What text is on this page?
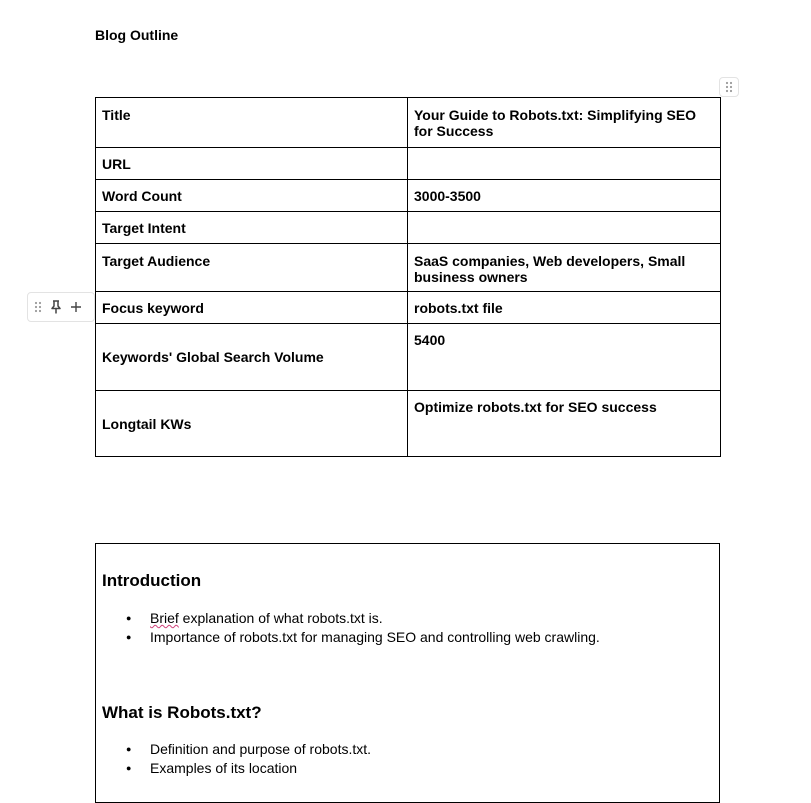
Blog Outline
Title	Your Guide to Robots.txt: Simplifying SEO for Success
URL	
Word Count	3000-3500
Target Intent	
Target Audience	SaaS companies, Web developers, Small business owners
Focus keyword	robots.txt file
Keywords' Global Search Volume	5400
Longtail KWs	Optimize robots.txt for SEO success
Introduction
● Brief explanation of what robots.txt is.
● Importance of robots.txt for managing SEO and controlling web crawling.
What is Robots.txt?
● Definition and purpose of robots.txt.
● Examples of its location
